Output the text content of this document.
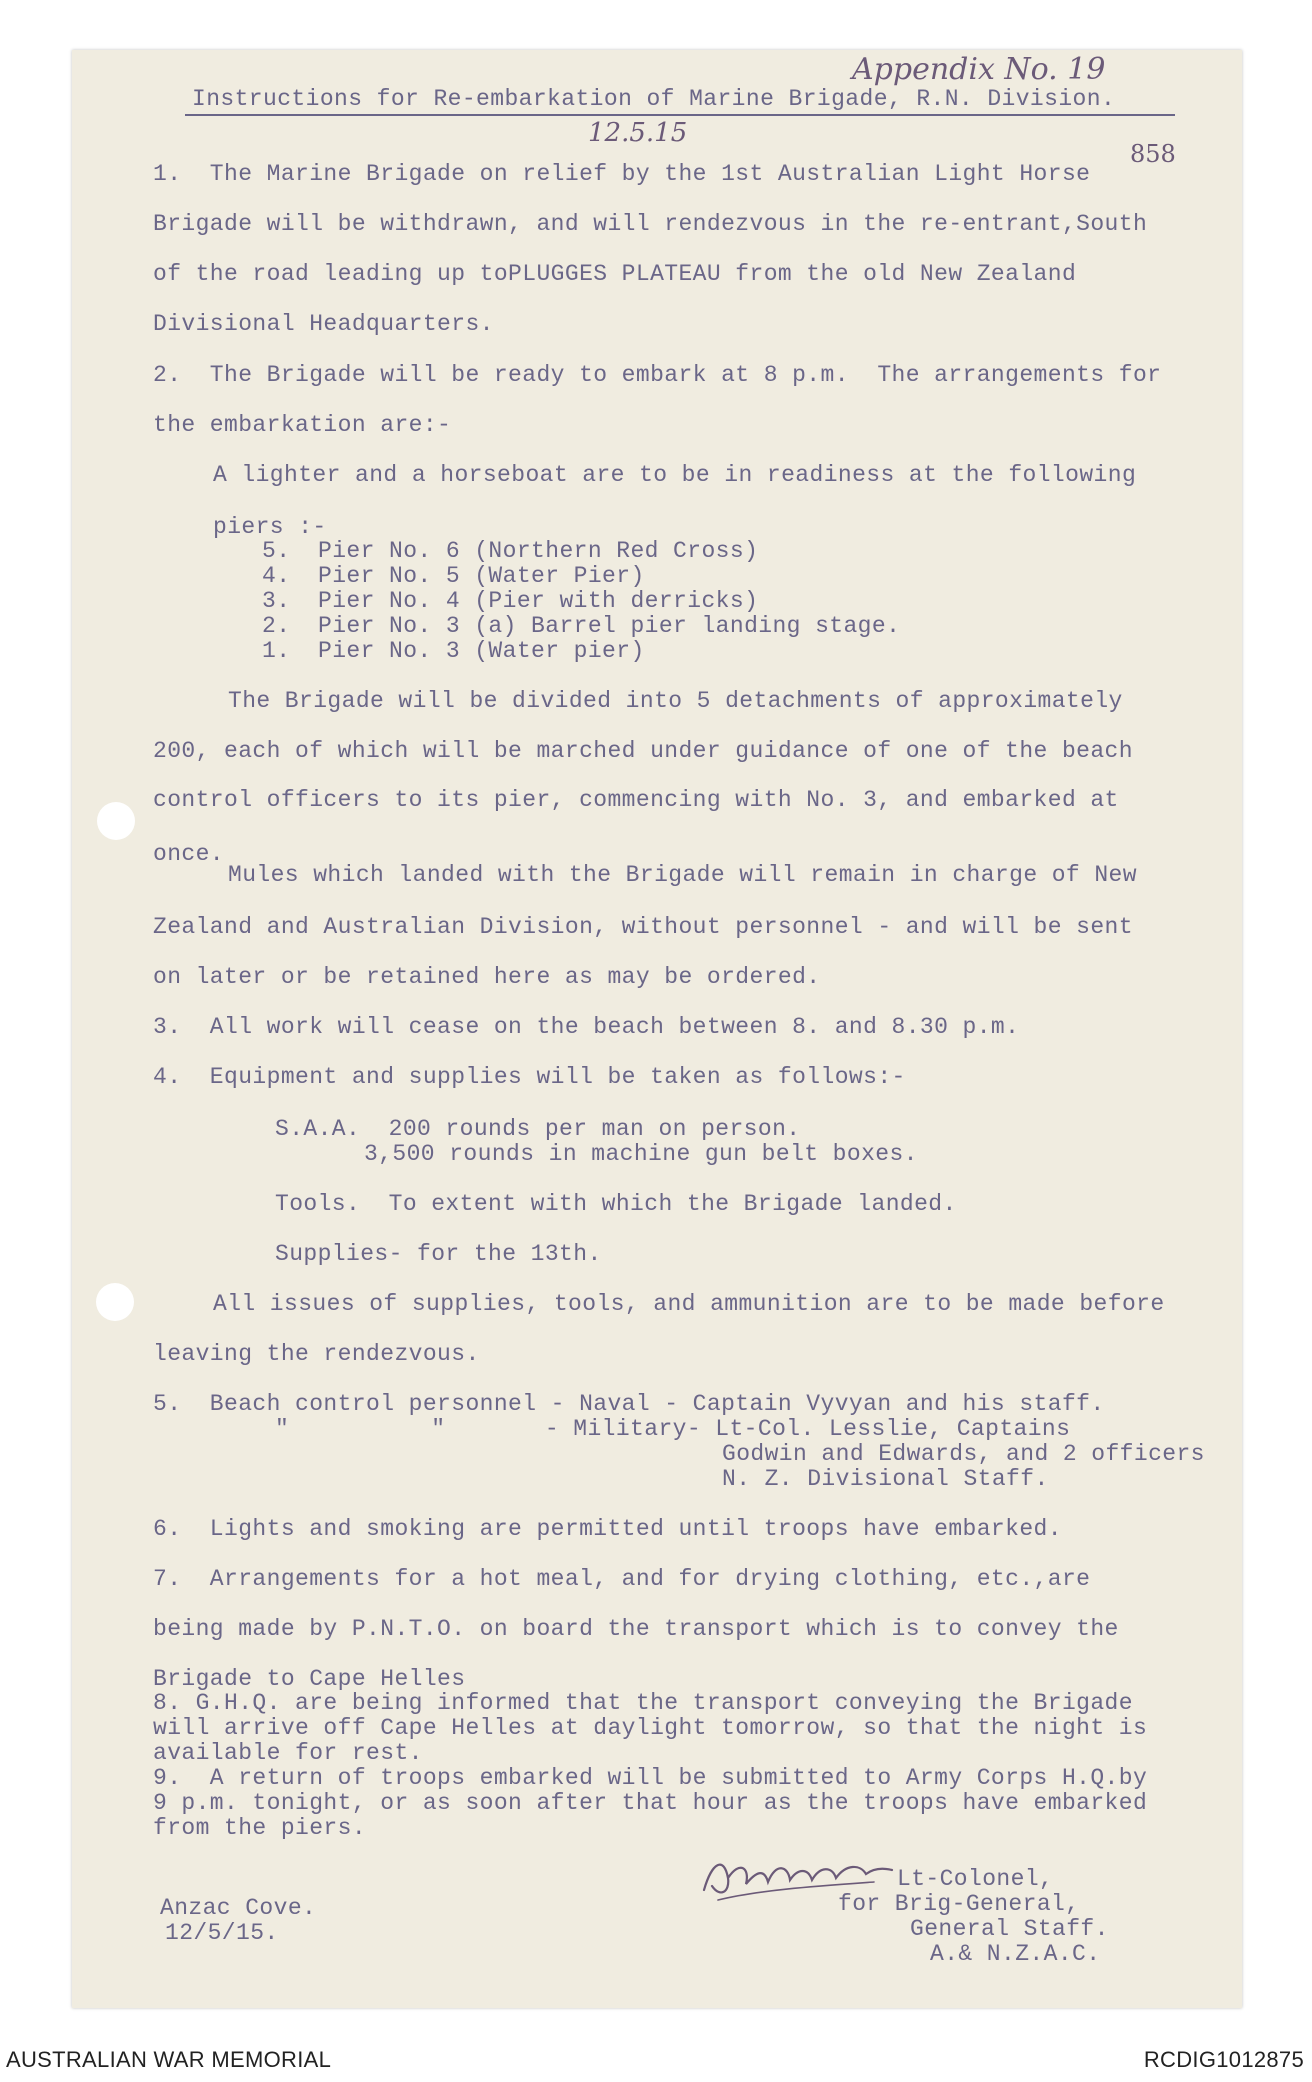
Appendix No. 19
12.5.15
858
Instructions for Re-embarkation of Marine Brigade, R.N. Division.
1.  The Marine Brigade on relief by the 1st Australian Light Horse
Brigade will be withdrawn, and will rendezvous in the re-entrant,South
of the road leading up toPLUGGES PLATEAU from the old New Zealand
Divisional Headquarters.
2.  The Brigade will be ready to embark at 8 p.m.  The arrangements for
the embarkation are:-
A lighter and a horseboat are to be in readiness at the following
piers :-
5. Pier No. 6 (Northern Red Cross)
4. Pier No. 5 (Water Pier)
3. Pier No. 4 (Pier with derricks)
2. Pier No. 3 (a) Barrel pier landing stage.
1. Pier No. 3 (Water pier)
The Brigade will be divided into 5 detachments of approximately
200, each of which will be marched under guidance of one of the beach
control officers to its pier, commencing with No. 3, and embarked at
once.
Mules which landed with the Brigade will remain in charge of New
Zealand and Australian Division, without personnel - and will be sent
on later or be retained here as may be ordered.
3.  All work will cease on the beach between 8. and 8.30 p.m.
4.  Equipment and supplies will be taken as follows:-
S.A.A.  200 rounds per man on person.
3,500 rounds in machine gun belt boxes.
Tools.  To extent with which the Brigade landed.
Supplies- for the 13th.
All issues of supplies, tools, and ammunition are to be made before
leaving the rendezvous.
5.  Beach control personnel - Naval - Captain Vyvyan and his staff.
"          "       - Military- Lt-Col. Lesslie, Captains
Godwin and Edwards, and 2 officers
N. Z. Divisional Staff.
6.  Lights and smoking are permitted until troops have embarked.
7.  Arrangements for a hot meal, and for drying clothing, etc.,are
being made by P.N.T.O. on board the transport which is to convey the
Brigade to Cape Helles
8. G.H.Q. are being informed that the transport conveying the Brigade
will arrive off Cape Helles at daylight tomorrow, so that the night is
available for rest.
9.  A return of troops embarked will be submitted to Army Corps H.Q.by
9 p.m. tonight, or as soon after that hour as the troops have embarked
from the piers.
Lt-Colonel,
for Brig-General,
General Staff.
A.& N.Z.A.C.
Anzac Cove.
12/5/15.
AUSTRALIAN WAR MEMORIAL	RCDIG1012875
